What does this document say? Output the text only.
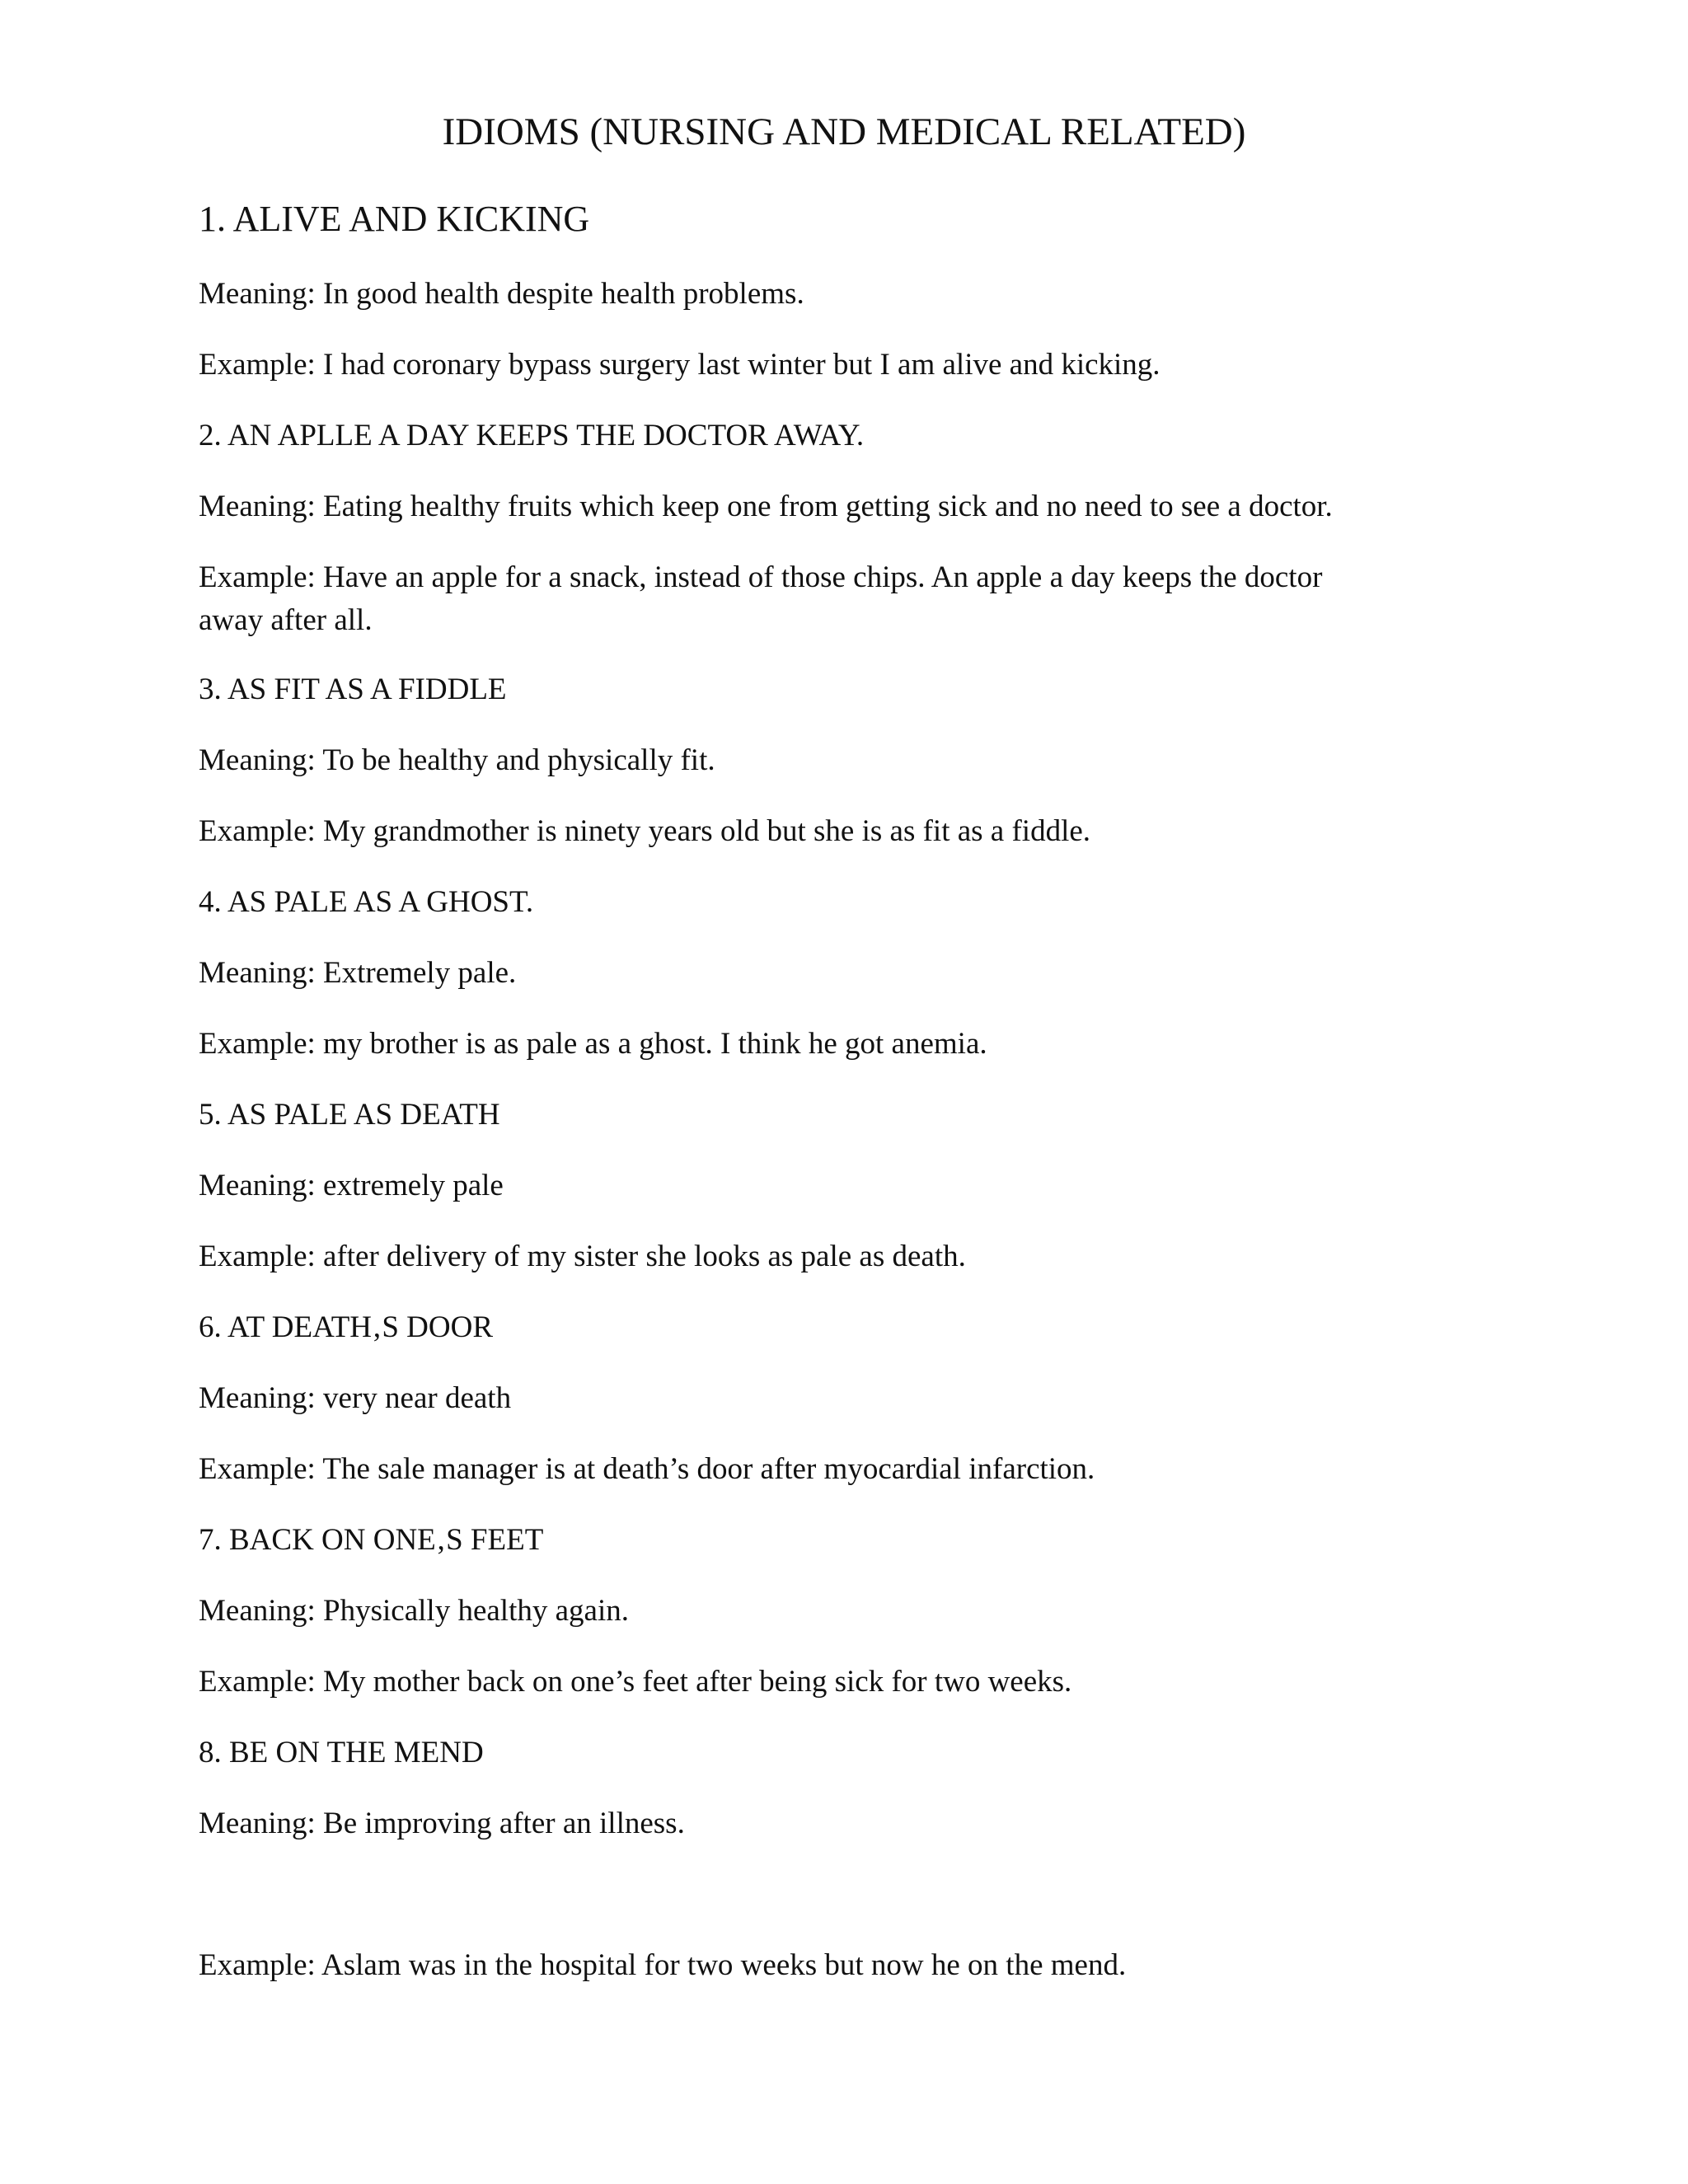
IDIOMS (NURSING AND MEDICAL RELATED)
1. ALIVE AND KICKING
Meaning: In good health despite health problems.
Example: I had coronary bypass surgery last winter but I am alive and kicking.
2. AN APLLE A DAY KEEPS THE DOCTOR AWAY.
Meaning: Eating healthy fruits which keep one from getting sick and no need to see a doctor.
Example: Have an apple for a snack, instead of those chips. An apple a day keeps the doctor
away after all.
3. AS FIT AS A FIDDLE
Meaning: To be healthy and physically fit.
Example: My grandmother is ninety years old but she is as fit as a fiddle.
4. AS PALE AS A GHOST.
Meaning: Extremely pale.
Example: my brother is as pale as a ghost. I think he got anemia.
5. AS PALE AS DEATH
Meaning: extremely pale
Example: after delivery of my sister she looks as pale as death.
6. AT DEATH‚S DOOR
Meaning: very near death
Example: The sale manager is at death’s door after myocardial infarction.
7. BACK ON ONE‚S FEET
Meaning: Physically healthy again.
Example: My mother back on one’s feet after being sick for two weeks.
8. BE ON THE MEND
Meaning: Be improving after an illness.
Example: Aslam was in the hospital for two weeks but now he on the mend.
